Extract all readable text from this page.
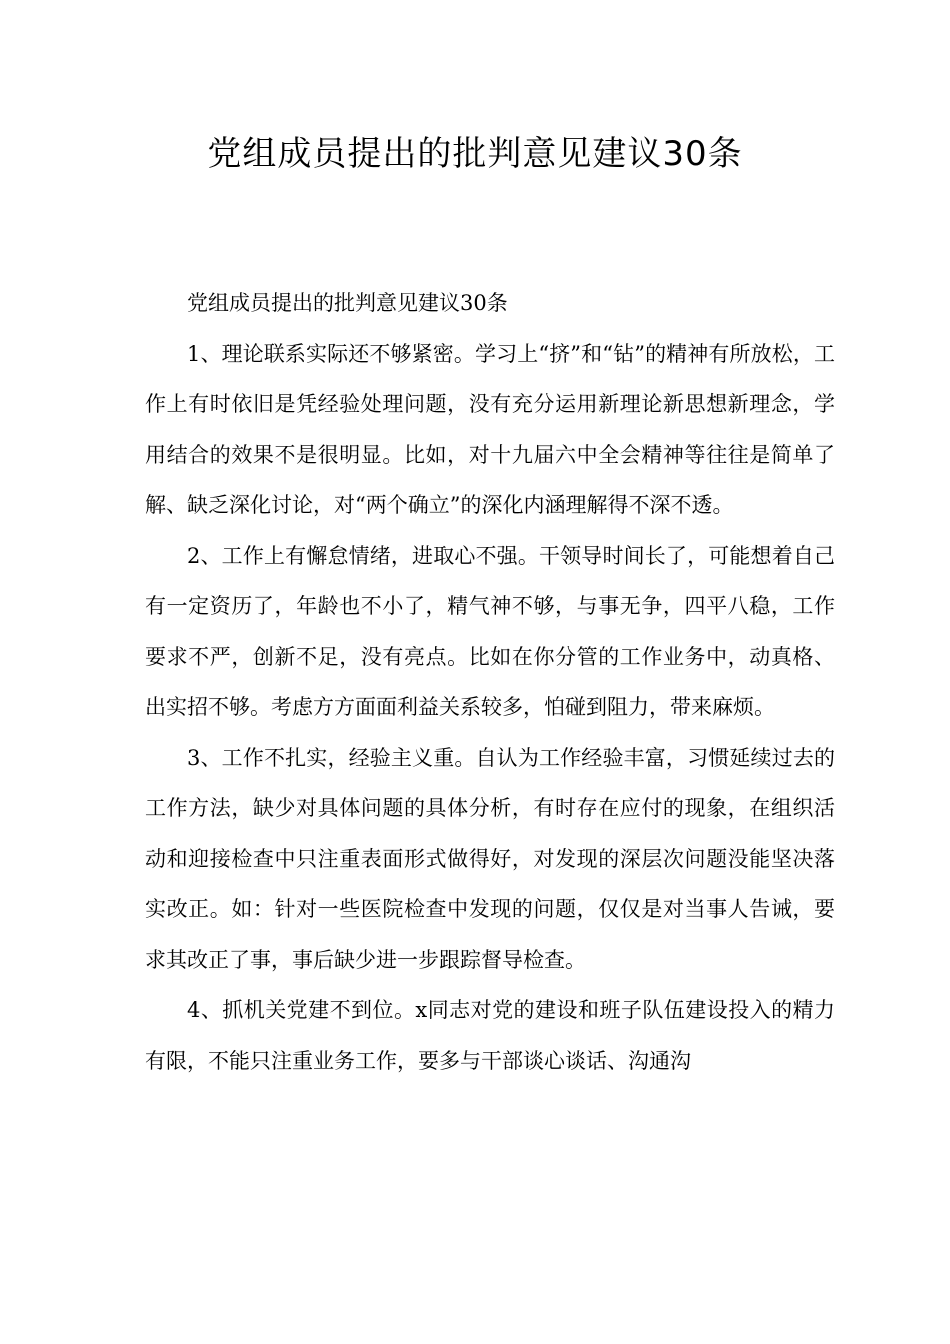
党组成员提出的批判意见建议30条

党组成员提出的批判意见建议30条

1、理论联系实际还不够紧密。学习上“挤”和“钻”的精神有所放松，工作上有时依旧是凭经验处理问题，没有充分运用新理论新思想新理念，学用结合的效果不是很明显。比如，对十九届六中全会精神等往往是简单了解、缺乏深化讨论，对“两个确立”的深化内涵理解得不深不透。

2、工作上有懈怠情绪，进取心不强。干领导时间长了，可能想着自己有一定资历了，年龄也不小了，精气神不够，与事无争，四平八稳，工作要求不严，创新不足，没有亮点。比如在你分管的工作业务中，动真格、出实招不够。考虑方方面面利益关系较多，怕碰到阻力，带来麻烦。

3、工作不扎实，经验主义重。自认为工作经验丰富，习惯延续过去的工作方法，缺少对具体问题的具体分析，有时存在应付的现象，在组织活动和迎接检查中只注重表面形式做得好，对发现的深层次问题没能坚决落实改正。如：针对一些医院检查中发现的问题，仅仅是对当事人告诫，要求其改正了事，事后缺少进一步跟踪督导检查。

4、抓机关党建不到位。x同志对党的建设和班子队伍建设投入的精力有限，不能只注重业务工作，要多与干部谈心谈话、沟通沟
